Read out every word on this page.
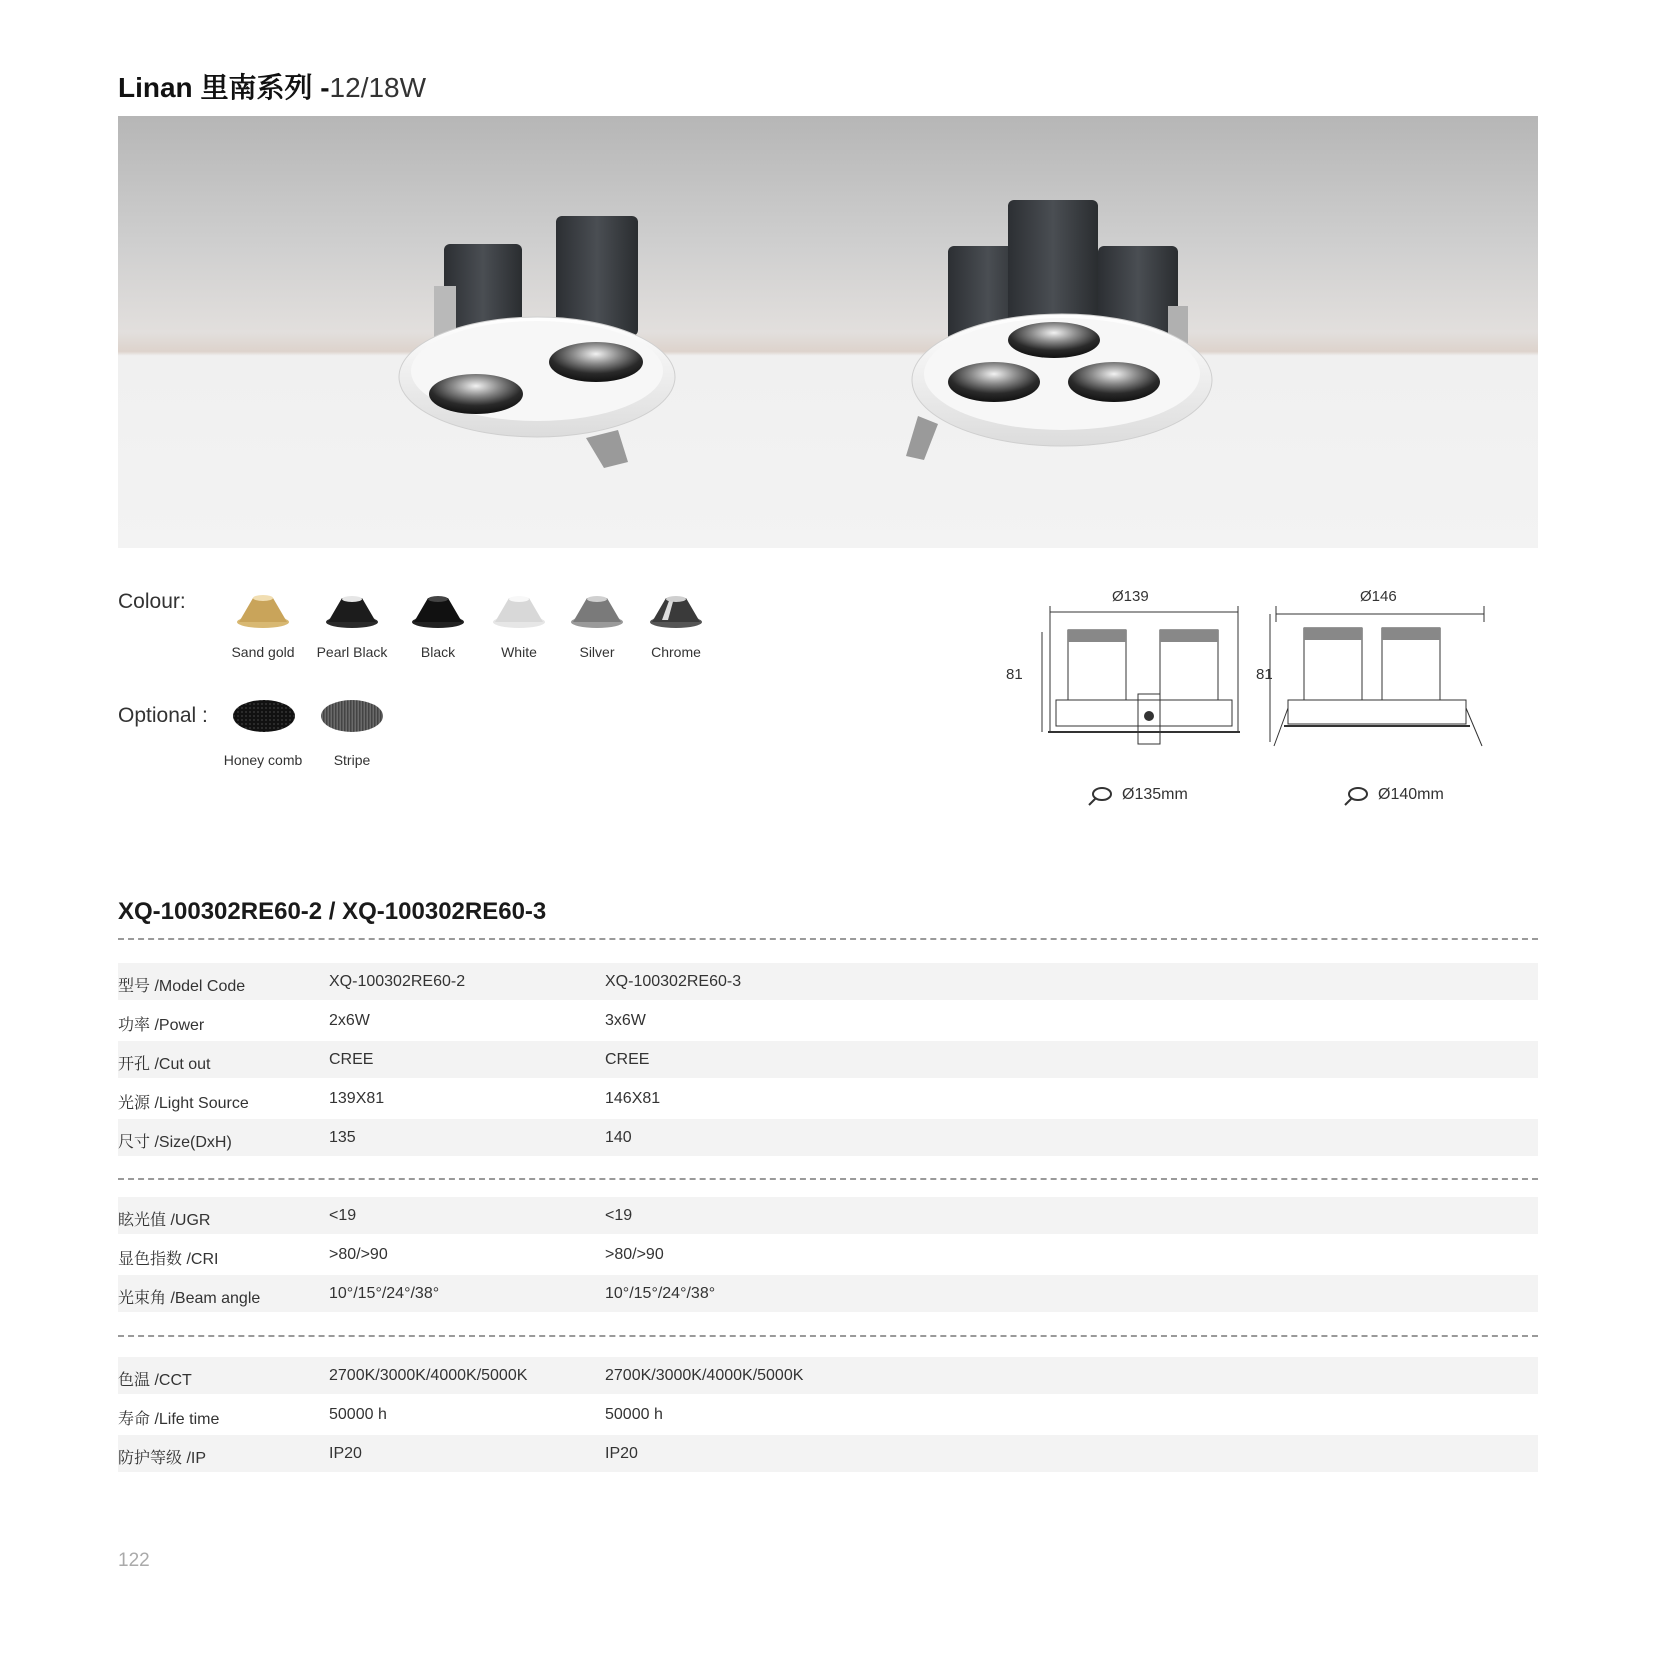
Linan 里南系列 -12/18W
Colour:
Sand gold	Pearl Black	Black	White	Silver	Chrome
Optional :
Honey comb	Stripe
Ø139
81
Ø146
81
Ø135mm	Ø140mm
XQ-100302RE60-2 / XQ-100302RE60-3
型号 /Model Code	XQ-100302RE60-2	XQ-100302RE60-3
功率 /Power	2x6W	3x6W
开孔 /Cut out	CREE	CREE
光源 /Light Source	139X81	146X81
尺寸 /Size(DxH)	135	140
眩光值 /UGR	<19	<19
显色指数 /CRI	>80/>90	>80/>90
光束角 /Beam angle	10°/15°/24°/38°	10°/15°/24°/38°
色温 /CCT	2700K/3000K/4000K/5000K	2700K/3000K/4000K/5000K
寿命 /Life time	50000 h	50000 h
防护等级 /IP	IP20	IP20
122
